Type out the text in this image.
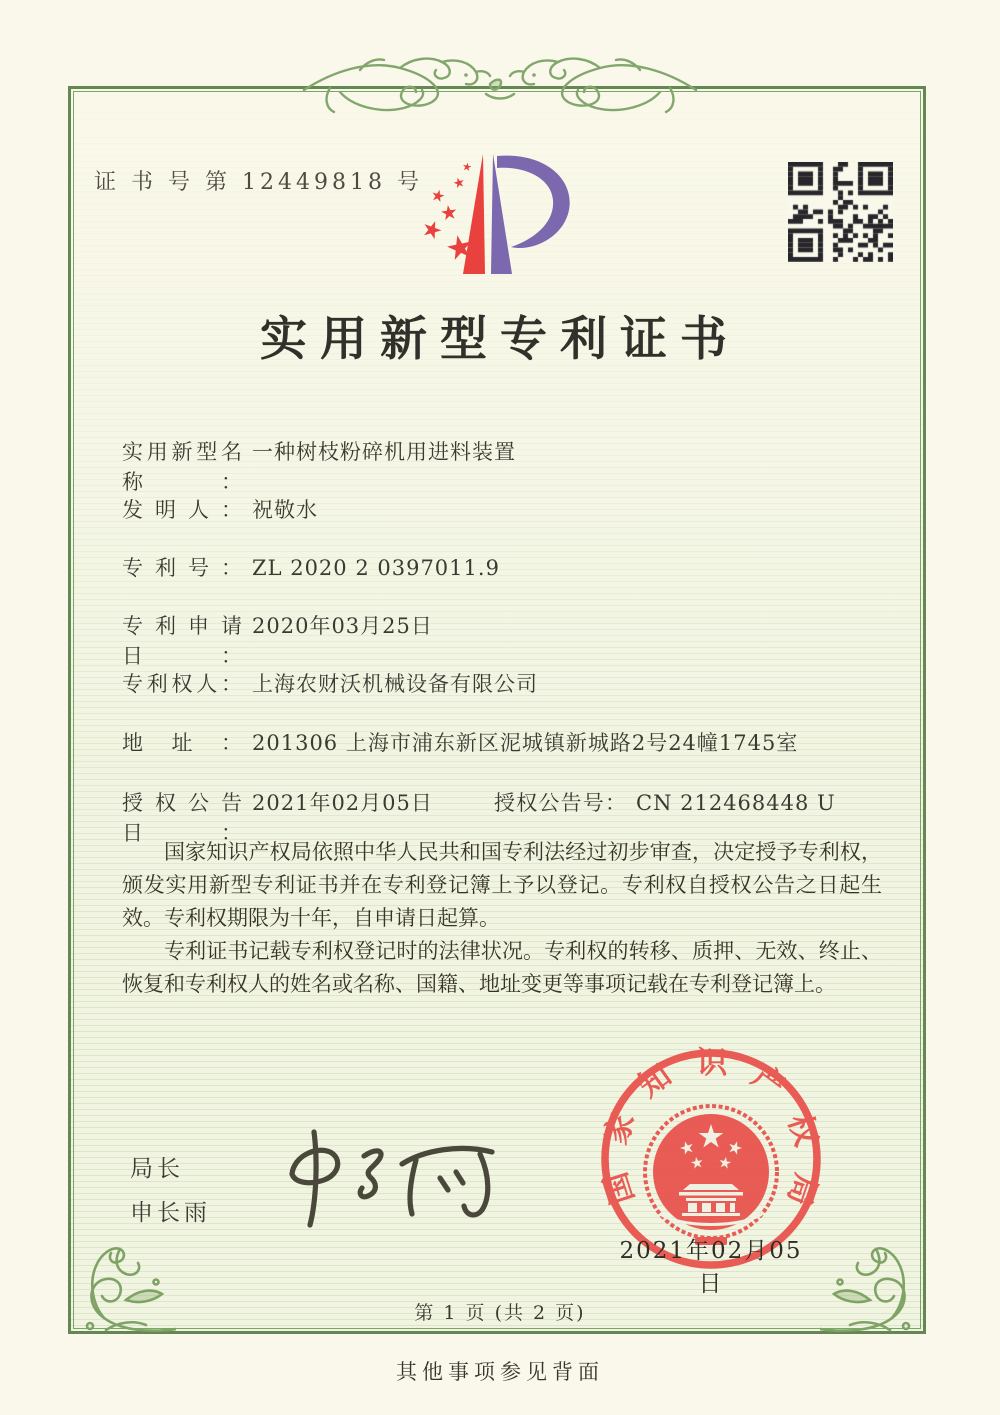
证 书 号 第 12449818 号
实用新型专利证书
实用新型名称：
一种树枝粉碎机用进料装置
发明人： 祝敬水
专利号： ZL 2020 2 0397011.9
专利申请日：
2020年03月25日
专利权人： 上海农财沃机械设备有限公司
地址： 201306 上海市浦东新区泥城镇新城路2号24幢1745室
授权公告日：
2021年02月05日	授权公告号： CN 212468448 U

国家知识产权局依照中华人民共和国专利法经过初步审查，决定授予专利权，颁发实用新型专利证书并在专利登记簿上予以登记。专利权自授权公告之日起生效。专利权期限为十年，自申请日起算。

专利证书记载专利权登记时的法律状况。专利权的转移、质押、无效、终止、恢复和专利权人的姓名或名称、国籍、地址变更等事项记载在专利登记簿上。

局长
申长雨
国家知识产权局
2021年02月05日
第 1 页 (共 2 页)
其他事项参见背面
